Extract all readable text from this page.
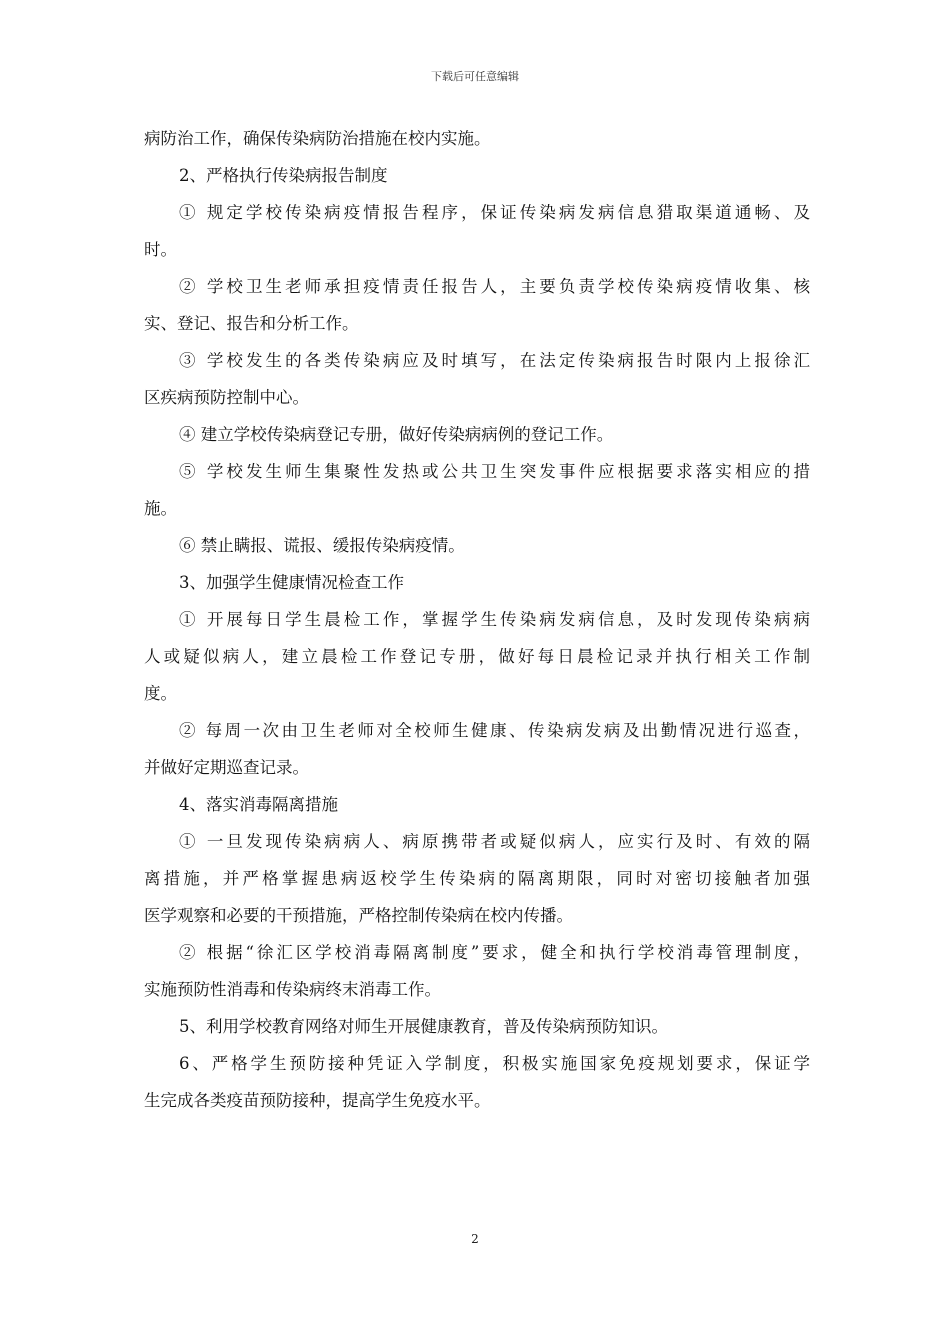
下载后可任意编辑
病防治工作，确保传染病防治措施在校内实施。
2、严格执行传染病报告制度
① 规定学校传染病疫情报告程序，保证传染病发病信息猎取渠道通畅、及
时。
② 学校卫生老师承担疫情责任报告人，主要负责学校传染病疫情收集、核
实、登记、报告和分析工作。
③ 学校发生的各类传染病应及时填写，在法定传染病报告时限内上报徐汇
区疾病预防控制中心。
④ 建立学校传染病登记专册，做好传染病病例的登记工作。
⑤ 学校发生师生集聚性发热或公共卫生突发事件应根据要求落实相应的措
施。
⑥ 禁止瞒报、谎报、缓报传染病疫情。
3、加强学生健康情况检查工作
① 开展每日学生晨检工作，掌握学生传染病发病信息，及时发现传染病病
人或疑似病人，建立晨检工作登记专册，做好每日晨检记录并执行相关工作制
度。
② 每周一次由卫生老师对全校师生健康、传染病发病及出勤情况进行巡查，
并做好定期巡查记录。
4、落实消毒隔离措施
① 一旦发现传染病病人、病原携带者或疑似病人，应实行及时、有效的隔
离措施，并严格掌握患病返校学生传染病的隔离期限，同时对密切接触者加强
医学观察和必要的干预措施，严格控制传染病在校内传播。
② 根据“徐汇区学校消毒隔离制度”要求，健全和执行学校消毒管理制度，
实施预防性消毒和传染病终末消毒工作。
5、利用学校教育网络对师生开展健康教育，普及传染病预防知识。
6、严格学生预防接种凭证入学制度，积极实施国家免疫规划要求，保证学
生完成各类疫苗预防接种，提高学生免疫水平。
2
